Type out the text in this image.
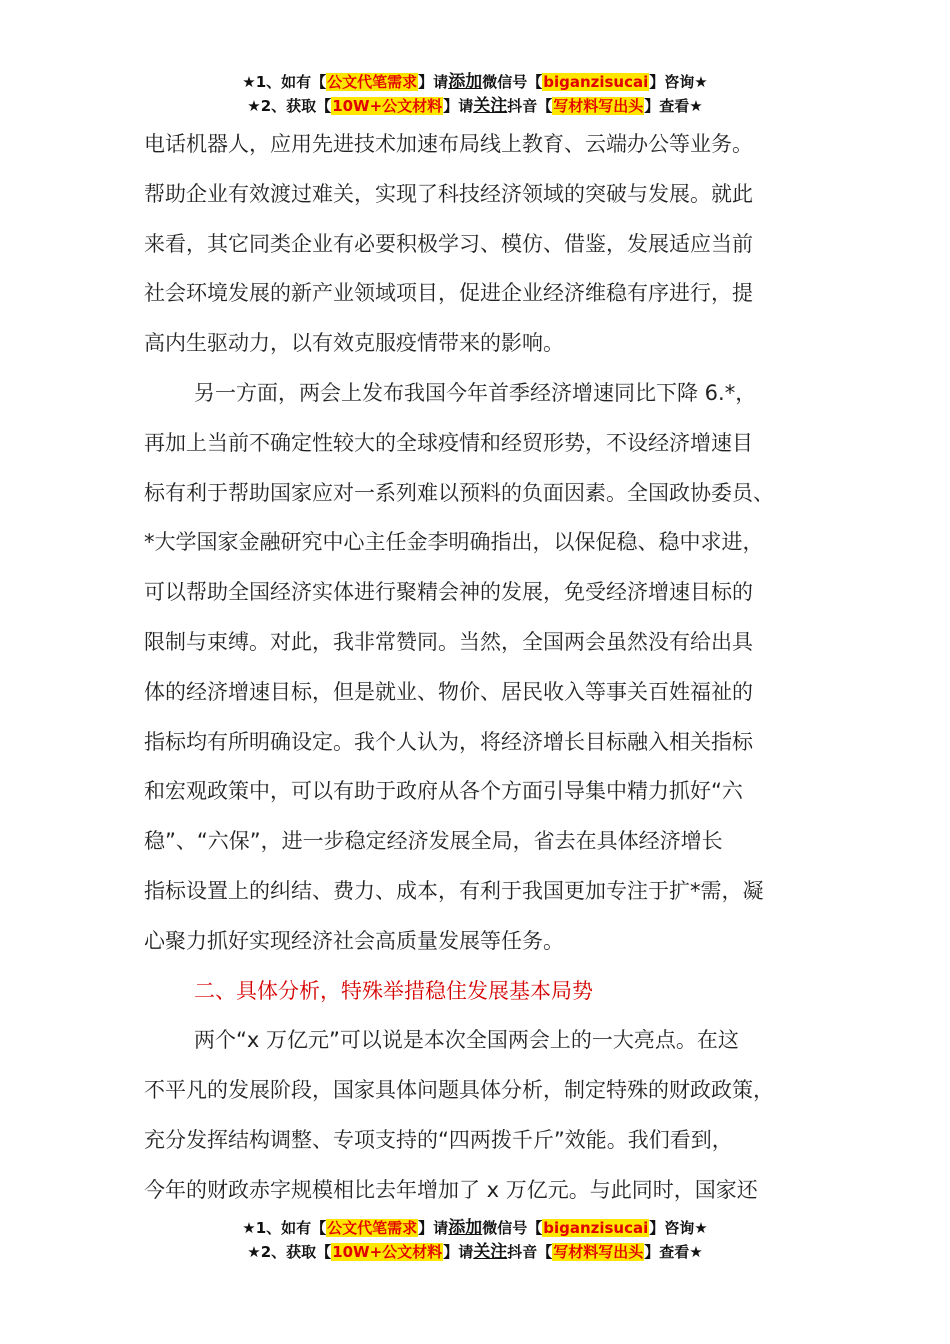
★1、如有【公文代笔需求】请添加微信号【biganzisucai】咨询★
★2、获取【10W+公文材料】请关注抖音【写材料写出头】查看★

电话机器人，应用先进技术加速布局线上教育、云端办公等业务。

帮助企业有效渡过难关，实现了科技经济领域的突破与发展。就此

来看，其它同类企业有必要积极学习、模仿、借鉴，发展适应当前

社会环境发展的新产业领域项目，促进企业经济维稳有序进行，提

高内生驱动力，以有效克服疫情带来的影响。

另一方面，两会上发布我国今年首季经济增速同比下降 6.*，

再加上当前不确定性较大的全球疫情和经贸形势，不设经济增速目

标有利于帮助国家应对一系列难以预料的负面因素。全国政协委员、

*大学国家金融研究中心主任金李明确指出，以保促稳、稳中求进，

可以帮助全国经济实体进行聚精会神的发展，免受经济增速目标的

限制与束缚。对此，我非常赞同。当然，全国两会虽然没有给出具

体的经济增速目标，但是就业、物价、居民收入等事关百姓福祉的

指标均有所明确设定。我个人认为，将经济增长目标融入相关指标

和宏观政策中，可以有助于政府从各个方面引导集中精力抓好“六

稳”、“六保”，进一步稳定经济发展全局，省去在具体经济增长

指标设置上的纠结、费力、成本，有利于我国更加专注于扩*需，凝

心聚力抓好实现经济社会高质量发展等任务。

二、具体分析，特殊举措稳住发展基本局势

两个“x 万亿元”可以说是本次全国两会上的一大亮点。在这

不平凡的发展阶段，国家具体问题具体分析，制定特殊的财政政策，

充分发挥结构调整、专项支持的“四两拨千斤”效能。我们看到，

今年的财政赤字规模相比去年增加了 x 万亿元。与此同时，国家还

★1、如有【公文代笔需求】请添加微信号【biganzisucai】咨询★
★2、获取【10W+公文材料】请关注抖音【写材料写出头】查看★
